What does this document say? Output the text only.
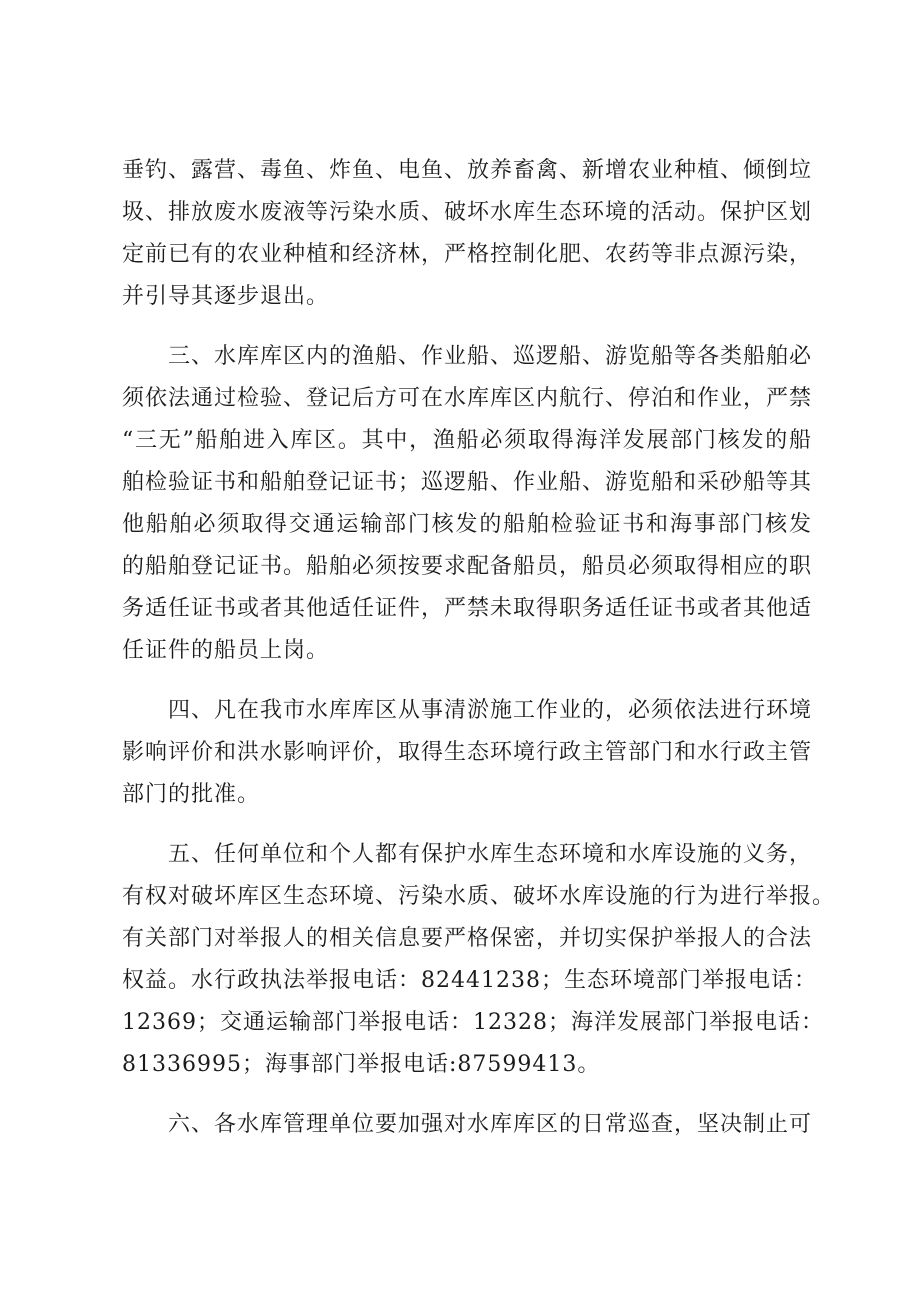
垂钓、露营、毒鱼、炸鱼、电鱼、放养畜禽、新增农业种植、倾倒垃
圾、排放废水废液等污染水质、破坏水库生态环境的活动。保护区划
定前已有的农业种植和经济林，严格控制化肥、农药等非点源污染，
并引导其逐步退出。

三、水库库区内的渔船、作业船、巡逻船、游览船等各类船舶必
须依法通过检验、登记后方可在水库库区内航行、停泊和作业，严禁
“三无”船舶进入库区。其中，渔船必须取得海洋发展部门核发的船
舶检验证书和船舶登记证书；巡逻船、作业船、游览船和采砂船等其
他船舶必须取得交通运输部门核发的船舶检验证书和海事部门核发
的船舶登记证书。船舶必须按要求配备船员，船员必须取得相应的职
务适任证书或者其他适任证件，严禁未取得职务适任证书或者其他适
任证件的船员上岗。

四、凡在我市水库库区从事清淤施工作业的，必须依法进行环境
影响评价和洪水影响评价，取得生态环境行政主管部门和水行政主管
部门的批准。

五、任何单位和个人都有保护水库生态环境和水库设施的义务，
有权对破坏库区生态环境、污染水质、破坏水库设施的行为进行举报。
有关部门对举报人的相关信息要严格保密，并切实保护举报人的合法
权益。水行政执法举报电话：82441238；生态环境部门举报电话：
12369；交通运输部门举报电话：12328；海洋发展部门举报电话：
81336995；海事部门举报电话:87599413。

六、各水库管理单位要加强对水库库区的日常巡查，坚决制止可
